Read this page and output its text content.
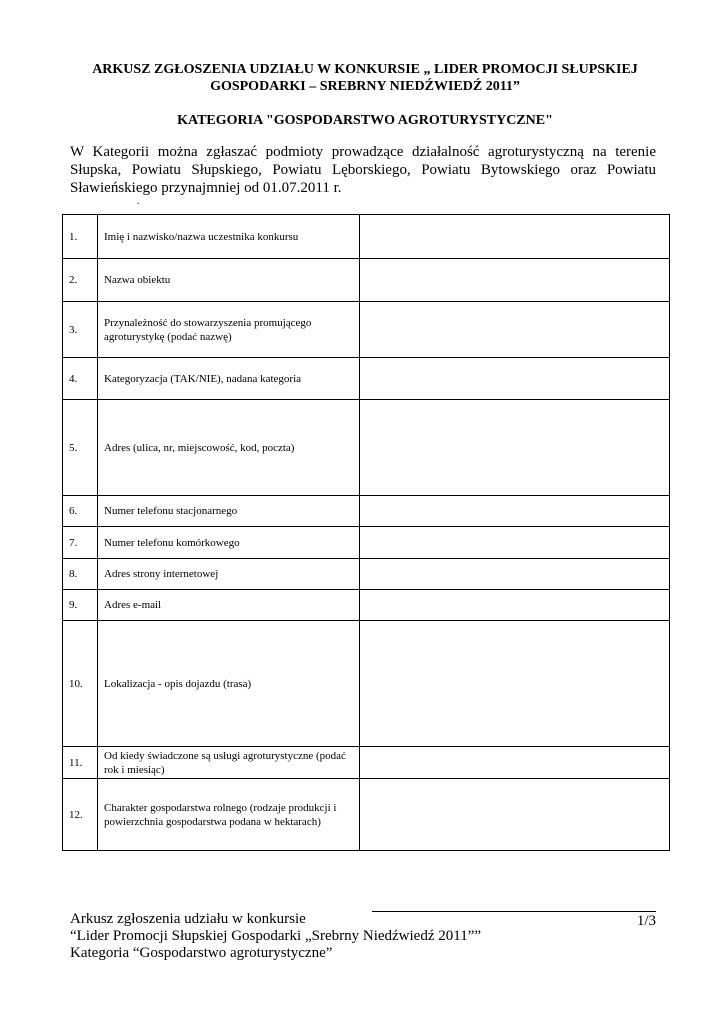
ARKUSZ ZGŁOSZENIA UDZIAŁU W KONKURSIE „ LIDER PROMOCJI SŁUPSKIEJ GOSPODARKI – SREBRNY NIEDŹWIEDŹ 2011”
KATEGORIA "GOSPODARSTWO AGROTURYSTYCZNE"
W Kategorii można zgłaszać podmioty prowadzące działalność agroturystyczną na terenie Słupska, Powiatu Słupskiego, Powiatu Lęborskiego, Powiatu Bytowskiego oraz Powiatu Sławieńskiego przynajmniej od 01.07.2011 r.
.
1.	Imię i nazwisko/nazwa uczestnika konkursu	
2.	Nazwa obiektu	
3.	Przynależność do stowarzyszenia promującego agroturystykę (podać nazwę)	
4.	Kategoryzacja (TAK/NIE), nadana kategoria	
5.	Adres (ulica, nr, miejscowość, kod, poczta)	
6.	Numer telefonu stacjonarnego	
7.	Numer telefonu komórkowego	
8.	Adres strony internetowej	
9.	Adres e-mail	
10.	Lokalizacja - opis dojazdu (trasa)	
11.	Od kiedy świadczone są usługi agroturystyczne (podać rok i miesiąc)	
12.	Charakter gospodarstwa rolnego (rodzaje produkcji i powierzchnia gospodarstwa podana w hektarach)	
Arkusz zgłoszenia udziału w konkursie
“Lider Promocji Słupskiej Gospodarki „Srebrny Niedźwiedź 2011””
Kategoria “Gospodarstwo agroturystyczne”
1/3
